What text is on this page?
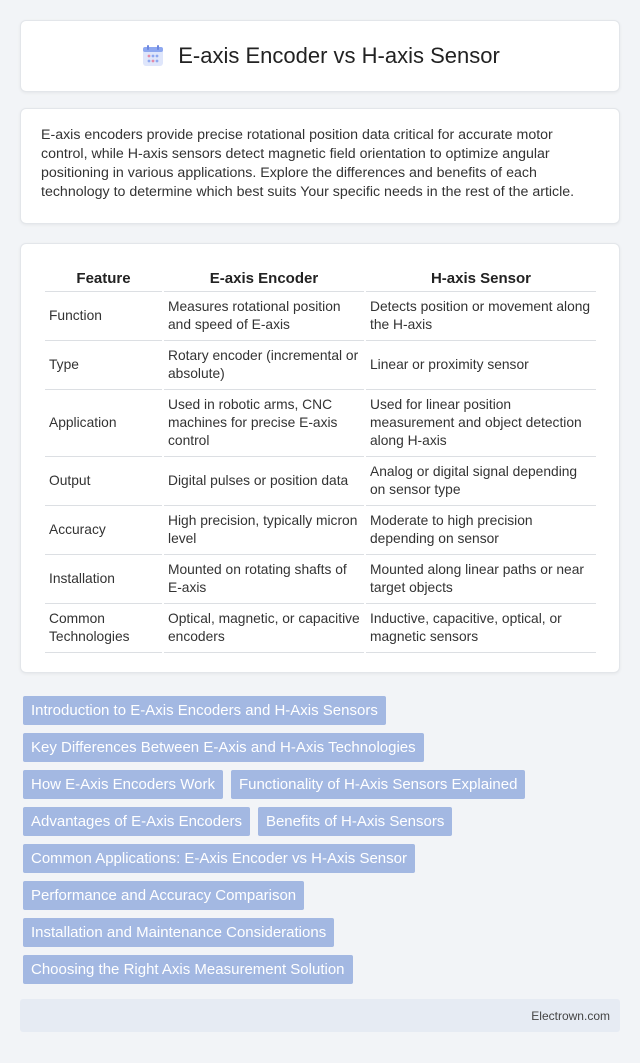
E-axis Encoder vs H-axis Sensor

E-axis encoders provide precise rotational position data critical for accurate motor control, while H-axis sensors detect magnetic field orientation to optimize angular positioning in various applications. Explore the differences and benefits of each technology to determine which best suits Your specific needs in the rest of the article.

Feature	E-axis Encoder	H-axis Sensor
Function	Measures rotational position and speed of E-axis	Detects position or movement along the H-axis
Type	Rotary encoder (incremental or absolute)	Linear or proximity sensor
Application	Used in robotic arms, CNC machines for precise E-axis control	Used for linear position measurement and object detection along H-axis
Output	Digital pulses or position data	Analog or digital signal depending on sensor type
Accuracy	High precision, typically micron level	Moderate to high precision depending on sensor
Installation	Mounted on rotating shafts of E-axis	Mounted along linear paths or near target objects
Common Technologies	Optical, magnetic, or capacitive encoders	Inductive, capacitive, optical, or magnetic sensors
Introduction to E-Axis Encoders and H-Axis Sensors
Key Differences Between E-Axis and H-Axis Technologies
How E-Axis Encoders Work	Functionality of H-Axis Sensors Explained
Advantages of E-Axis Encoders	Benefits of H-Axis Sensors
Common Applications: E-Axis Encoder vs H-Axis Sensor
Performance and Accuracy Comparison
Installation and Maintenance Considerations
Choosing the Right Axis Measurement Solution
Electrown.com
